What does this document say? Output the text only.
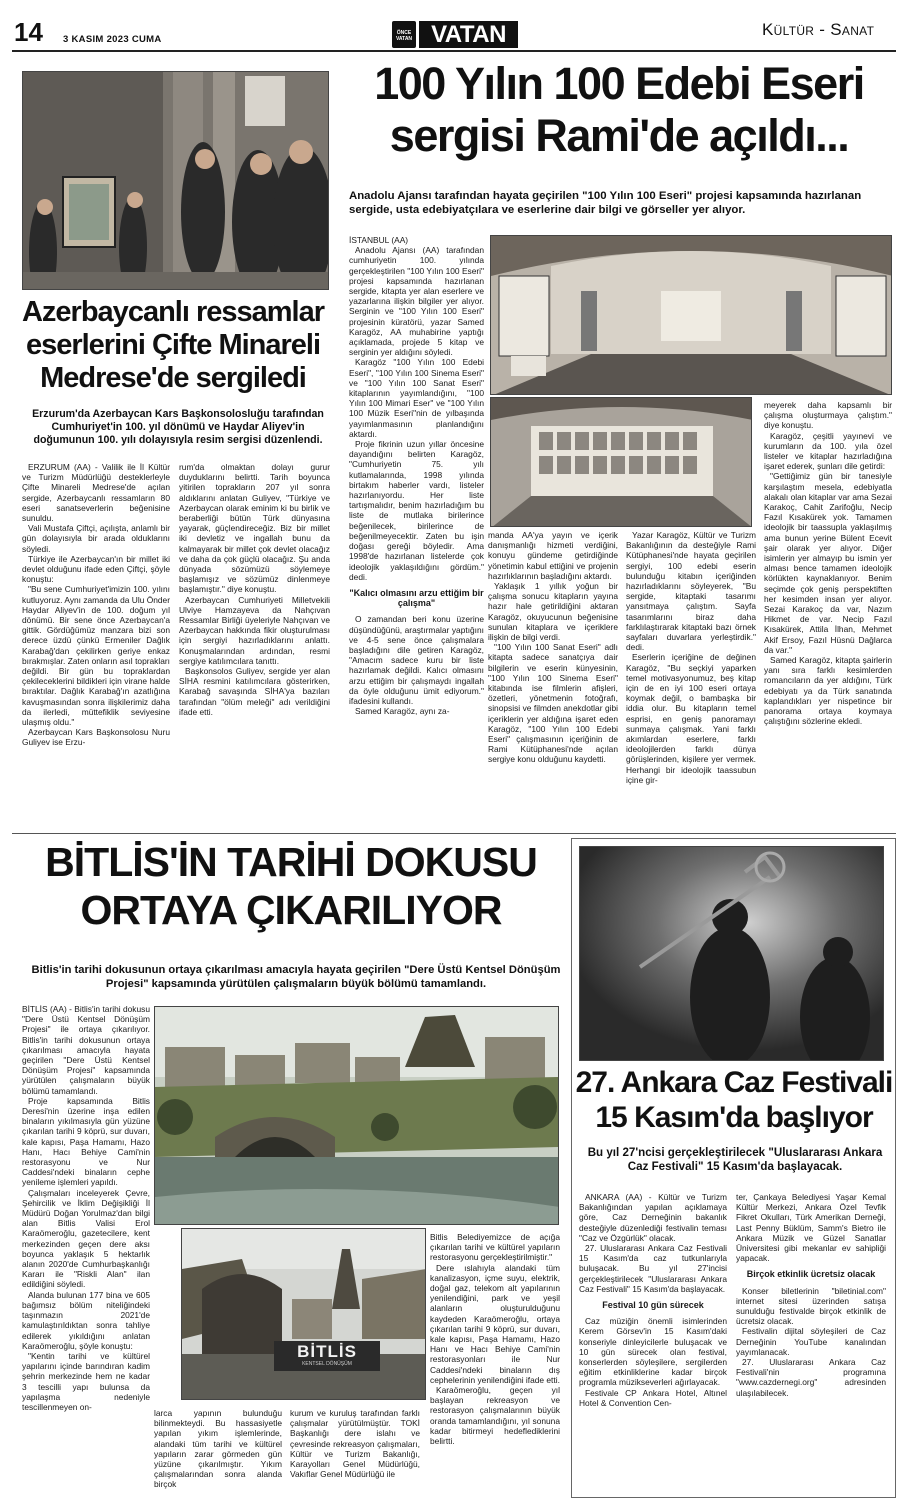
14 3 KASIM 2023 CUMA
ÖNCE VATAN VATAN	Kültür - Sanat
Azerbaycanlı ressamlar
eserlerini Çifte Minareli
Medrese'de sergiledi
Erzurum'da Azerbaycan Kars Başkonsolosluğu tarafından Cumhuriyet'in 100. yıl dönümü ve Haydar Aliyev'in doğumunun 100. yılı dolayısıyla resim sergisi düzenlendi.

ERZURUM (AA) - Valilik ile İl Kültür ve Turizm Müdürlüğü desteklerleyle Çifte Minareli Medrese'de açılan sergide, Azerbaycanlı ressamların 80 eseri sanatseverlerin beğenisine sunuldu.

Vali Mustafa Çiftçi, açılışta, anlamlı bir gün dolayısıyla bir arada olduklarını söyledi.

Türkiye ile Azerbaycan'ın bir millet iki devlet olduğunu ifade eden Çiftçi, şöyle konuştu:

"Bu sene Cumhuriyet'imizin 100. yılını kutluyoruz. Aynı zamanda da Ulu Önder Haydar Aliyev'in de 100. doğum yıl dönümü. Bir sene önce Azerbaycan'a gittik. Gördüğümüz manzara bizi son derece üzdü çünkü Ermeniler Dağlık Karabağ'dan çekilirken geriye enkaz bırakmışlar. Zaten onların asıl toprakları değildi. Bir gün bu topraklardan çekileceklerini bildikleri için virane halde bıraktılar. Dağlık Karabağ'ın azatlığına kavuşmasından sonra ilişkilerimiz daha da ilerledi, müttefiklik seviyesine ulaşmış oldu."

Azerbaycan Kars Başkonsolosu Nuru Guliyev ise Erzu-

rum'da olmaktan dolayı gurur duyduklarını belirtti. Tarih boyunca yitirilen toprakların 207 yıl sonra aldıklarını anlatan Guliyev, "Türkiye ve Azerbaycan olarak eminim ki bu birlik ve beraberliği bütün Türk dünyasına yayarak, güçlendireceğiz. Biz bir millet iki devletiz ve ingallah bunu da kalmayarak bir millet çok devlet olacağız ve daha da çok güçlü olacağız. Şu anda dünyada sözümüzü söylemeye başlamışız ve sözümüz dinlenmeye başlamıştır." diye konuştu.

Azerbaycan Cumhuriyeti Milletvekili Ulviye Hamzayeva da Nahçıvan Ressamlar Birliği üyeleriyle Nahçıvan ve Azerbaycan hakkında fikir oluşturulması için sergiyi hazırladıklarını anlattı. Konuşmalarından ardından, resmi sergiye katılımcılara tanıttı.

Başkonsolos Guliyev, sergide yer alan SİHA resmini katılımcılara gösterirken, Karabağ savaşında SİHA'ya bazıları tarafından "ölüm meleği" adı verildiğini ifade etti.

100 Yılın 100 Edebi Eseri
sergisi Rami'de açıldı...
Anadolu Ajansı tarafından hayata geçirilen "100 Yılın 100 Eseri" projesi kapsamında hazırlanan sergide, usta edebiyatçılara ve eserlerine dair bilgi ve görseller yer alıyor.

İSTANBUL (AA)

Anadolu Ajansı (AA) tarafından cumhuriyetin 100. yılında gerçekleştirilen "100 Yılın 100 Eseri" projesi kapsamında hazırlanan sergide, kitapta yer alan eserlere ve yazarlarına ilişkin bilgiler yer alıyor. Serginin ve "100 Yılın 100 Eseri" projesinin küratörü, yazar Samed Karagöz, AA muhabirine yaptığı açıklamada, projede 5 kitap ve serginin yer aldığını söyledi.

Karagöz "100 Yılın 100 Edebi Eseri", "100 Yılın 100 Sinema Eseri" ve "100 Yılın 100 Sanat Eseri" kitaplarının yayımlandığını, "100 Yılın 100 Mimari Eser" ve "100 Yılın 100 Müzik Eseri"nin de yılbaşında yayımlanmasının planlandığını aktardı.

Proje fikrinin uzun yıllar öncesine dayandığını belirten Karagöz, "Cumhuriyetin 75. yılı kutlamalarında, 1998 yılında birtakım haberler vardı, listeler hazırlanıyordu. Her liste tartışmalıdır, benim hazırladığım bu liste de mutlaka birilerince beğenilecek, birilerince de beğenilmeyecektir. Zaten bu işin doğası gereği böyledir. Ama 1998'de hazırlanan listelerde çok ideolojik yaklaşıldığını gördüm." dedi.

"Kalıcı olmasını arzu ettiğim bir çalışma"

O zamandan beri konu üzerine düşündüğünü, araştırmalar yaptığını ve 4-5 sene önce çalışmalara başladığını dile getiren Karagöz, "Amacım sadece kuru bir liste hazırlamak değildi. Kalıcı olmasını arzu ettiğim bir çalışmaydı ingallah da öyle olduğunu ümit ediyorum." ifadesini kullandı.

Samed Karagöz, aynı za-

manda AA'ya yayın ve içerik danışmanlığı hizmeti verdiğini, konuyu gündeme getirdiğinde yönetimin kabul ettiğini ve projenin hazırlıklarının başladığını aktardı.

Yaklaşık 1 yıllık yoğun bir çalışma sonucu kitapların yayına hazır hale getirildiğini aktaran Karagöz, okuyucunun beğenisine sunulan kitaplara ve içeriklere ilişkin de bilgi verdi.

"100 Yılın 100 Sanat Eseri" adlı kitapta sadece sanatçıya dair bilgilerin ve eserin künyesinin, "100 Yılın 100 Sinema Eseri" kitabında ise filmlerin afişleri, özetleri, yönetmenin fotoğrafı, sinopsisi ve filmden anekdotlar gibi içeriklerin yer aldığına işaret eden Karagöz, "100 Yılın 100 Edebi Eseri" çalışmasının içeriğinin de Rami Kütüphanesi'nde açılan sergiye konu olduğunu kaydetti.

Yazar Karagöz, Kültür ve Turizm Bakanlığının da desteğiyle Rami Kütüphanesi'nde hayata geçirilen sergiyi, 100 edebi eserin bulunduğu kitabın içeriğinden hazırladıklarını söyleyerek, "Bu sergide, kitaptaki tasarımı yansıtmaya çalıştım. Sayfa tasarımlarını biraz daha farklılaştırarak kitaptaki bazı örnek sayfaları duvarlara yerleştirdik." dedi.

Eserlerin içeriğine de değinen Karagöz, "Bu seçkiyi yaparken temel motivasyonumuz, beş kitap için de en iyi 100 eseri ortaya koymak değil, o bambaşka bir iddia olur. Bu kitapların temel esprisi, en geniş panoramayı sunmaya çalışmak. Yani farklı akımlardan eserlere, farklı ideolojilerden farklı dünya görüşlerinden, kişilere yer vermek. Herhangi bir ideolojik taassubun içine gir-

meyerek daha kapsamlı bir çalışma oluşturmaya çalıştım." diye konuştu.

Karagöz, çeşitli yayınevi ve kurumların da 100. yıla özel listeler ve kitaplar hazırladığına işaret ederek, şunları dile getirdi:

"Gettiğimiz gün bir tanesiyle karşılaştım mesela, edebiyatla alakalı olan kitaplar var ama Sezai Karakoç, Cahit Zarifoğlu, Necip Fazıl Kısakürek yok. Tamamen ideolojik bir taassupla yaklaşılmış ama bunun yerine Bülent Ecevit şair olarak yer alıyor. Diğer isimlerin yer almayıp bu ismin yer alması bence tamamen ideolojik körlükten kaynaklanıyor. Benim seçimde çok geniş perspektiften her kesimden insan yer alıyor. Sezai Karakoç da var, Nazım Hikmet de var. Necip Fazıl Kısakürek, Attila İlhan, Mehmet Akif Ersoy, Fazıl Hüsnü Dağlarca da var."

Samed Karagöz, kitapta şairlerin yanı sıra farklı kesimlerden romancıların da yer aldığını, Türk edebiyatı ya da Türk sanatında kaplandıkları yer nispetince bir panorama ortaya koymaya çalıştığını sözlerine ekledi.

BİTLİS'İN TARİHİ DOKUSU
ORTAYA ÇIKARILIYOR
Bitlis'in tarihi dokusunun ortaya çıkarılması amacıyla hayata geçirilen "Dere Üstü Kentsel Dönüşüm Projesi" kapsamında yürütülen çalışmaların büyük bölümü tamamlandı.
BİTLİS
KENTSEL DÖNÜŞÜM

BİTLİS (AA) - Bitlis'in tarihi dokusu "Dere Üstü Kentsel Dönüşüm Projesi" ile ortaya çıkarılıyor. Bitlis'in tarihi dokusunun ortaya çıkarılması amacıyla hayata geçirilen "Dere Üstü Kentsel Dönüşüm Projesi" kapsamında yürütülen çalışmaların büyük bölümü tamamlandı.

Proje kapsamında Bitlis Deresi'nin üzerine inşa edilen binaların yıkılmasıyla gün yüzüne çıkarılan tarihi 9 köprü, sur duvarı, kale kapısı, Paşa Hamamı, Hazo Hanı, Hacı Behiye Cami'nin restorasyonu ve Nur Caddesi'ndeki binaların cephe yenileme işlemleri yapıldı.

Çalışmaları inceleyerek Çevre, Şehircilik ve İklim Değişikliği İl Müdürü Doğan Yorulmaz'dan bilgi alan Bitlis Valisi Erol Karaömeroğlu, gazetecilere, kent merkezinden geçen dere aksı boyunca yaklaşık 5 hektarlık alanın 2020'de Cumhurbaşkanlığı Kararı ile "Riskli Alan" ilan edildiğini söyledi.

Alanda bulunan 177 bina ve 605 bağımsız bölüm niteliğindeki taşınmazın 2021'de kamulaştırıldıktan sonra tahliye edilerek yıkıldığını anlatan Karaömeroğlu, şöyle konuştu:

"Kentin tarihi ve kültürel yapılarını içinde barındıran kadim şehrin merkezinde hem ne kadar 3 tescilli yapı bulunsa da yapılaşma nedeniyle tescillenmeyen on-

larca yapının bulunduğu bilinmekteydi. Bu hassasiyetle yapılan yıkım işlemlerinde, alandaki tüm tarihi ve kültürel yapıların zarar görmeden gün yüzüne çıkarılmıştır. Yıkım çalışmalarından sonra alanda birçok

kurum ve kuruluş tarafından farklı çalışmalar yürütülmüştür. TOKİ Başkanlığı dere islahı ve çevresinde rekreasyon çalışmaları, Kültür ve Turizm Bakanlığı, Karayolları Genel Müdürlüğü, Vakıflar Genel Müdürlüğü ile

Bitlis Belediyemizce de açığa çıkarılan tarihi ve kültürel yapıların restorasyonu gerçekleştirilmiştir."

Dere ıslahıyla alandaki tüm kanalizasyon, içme suyu, elektrik, doğal gaz, telekom alt yapılarının yenilendiğini, park ve yeşil alanların oluşturulduğunu kaydeden Karaömeroğlu, ortaya çıkarılan tarihi 9 köprü, sur duvarı, kale kapısı, Paşa Hamamı, Hazo Hanı ve Hacı Behiye Cami'nin restorasyonları ile Nur Caddesi'ndeki binaların dış cephelerinin yenilendiğini ifade etti.

Karaömeroğlu, geçen yıl başlayan rekreasyon ve restorasyon çalışmalarının büyük oranda tamamlandığını, yıl sonuna kadar bitirmeyi hedeflediklerini belirtti.

27. Ankara Caz Festivali
15 Kasım'da başlıyor
Bu yıl 27'ncisi gerçekleştirilecek "Uluslararası Ankara Caz Festivali" 15 Kasım'da başlayacak.

ANKARA (AA) - Kültür ve Turizm Bakanlığından yapılan açıklamaya göre, Caz Derneğinin bakanlık desteğiyle düzenlediği festivalin teması "Caz ve Özgürlük" olacak.

27. Uluslararası Ankara Caz Festivali 15 Kasım'da caz tutkunlarıyla buluşacak. Bu yıl 27'incisi gerçekleştirilecek "Uluslararası Ankara Caz Festivali" 15 Kasım'da başlayacak.

Festival 10 gün sürecek

Caz müziğin önemli isimlerinden Kerem Görsev'in 15 Kasım'daki konseriyle dinleyicilerle buluşacak ve 10 gün sürecek olan festival, konserlerden söyleşilere, sergilerden eğitim etkinliklerine kadar birçok programla müzikseverleri ağırlayacak.

Festivale CP Ankara Hotel, Altınel Hotel & Convention Cen-

ter, Çankaya Belediyesi Yaşar Kemal Kültür Merkezi, Ankara Özel Tevfik Fikret Okulları, Türk Amerikan Derneği, Last Penny Büklüm, Samm's Bietro ile Ankara Müzik ve Güzel Sanatlar Üniversitesi gibi mekanlar ev sahipliği yapacak.

Birçok etkinlik ücretsiz olacak

Konser biletlerinin "biletinial.com" internet sitesi üzerinden satışa sunulduğu festivalde birçok etkinlik de ücretsiz olacak.

Festivalin dijital söyleşileri de Caz Derneğinin YouTube kanalından yayımlanacak.

27. Uluslararası Ankara Caz Festivali'nin programına "www.cazdernegi.org" adresinden ulaşılabilecek.
